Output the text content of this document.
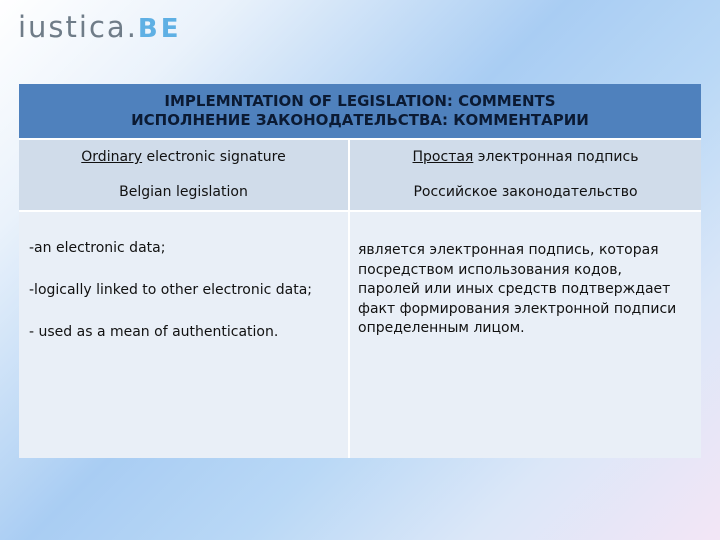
iustica . BE
IMPLEMNTATION OF LEGISLATION: COMMENTS
ИСПОЛНЕНИЕ ЗАКОНОДАТЕЛЬСТВА: КОММЕНТАРИИ	

Ordinary electronic signature	Простая электронная подпись
Belgian legislation	Российское законодательство

-an electronic data;
-logically linked to other electronic data;
- used as a mean of authentication.	является электронная подпись, которая посредством использования кодов, паролей или иных средств подтверждает факт формирования электронной подписи определенным лицом.
